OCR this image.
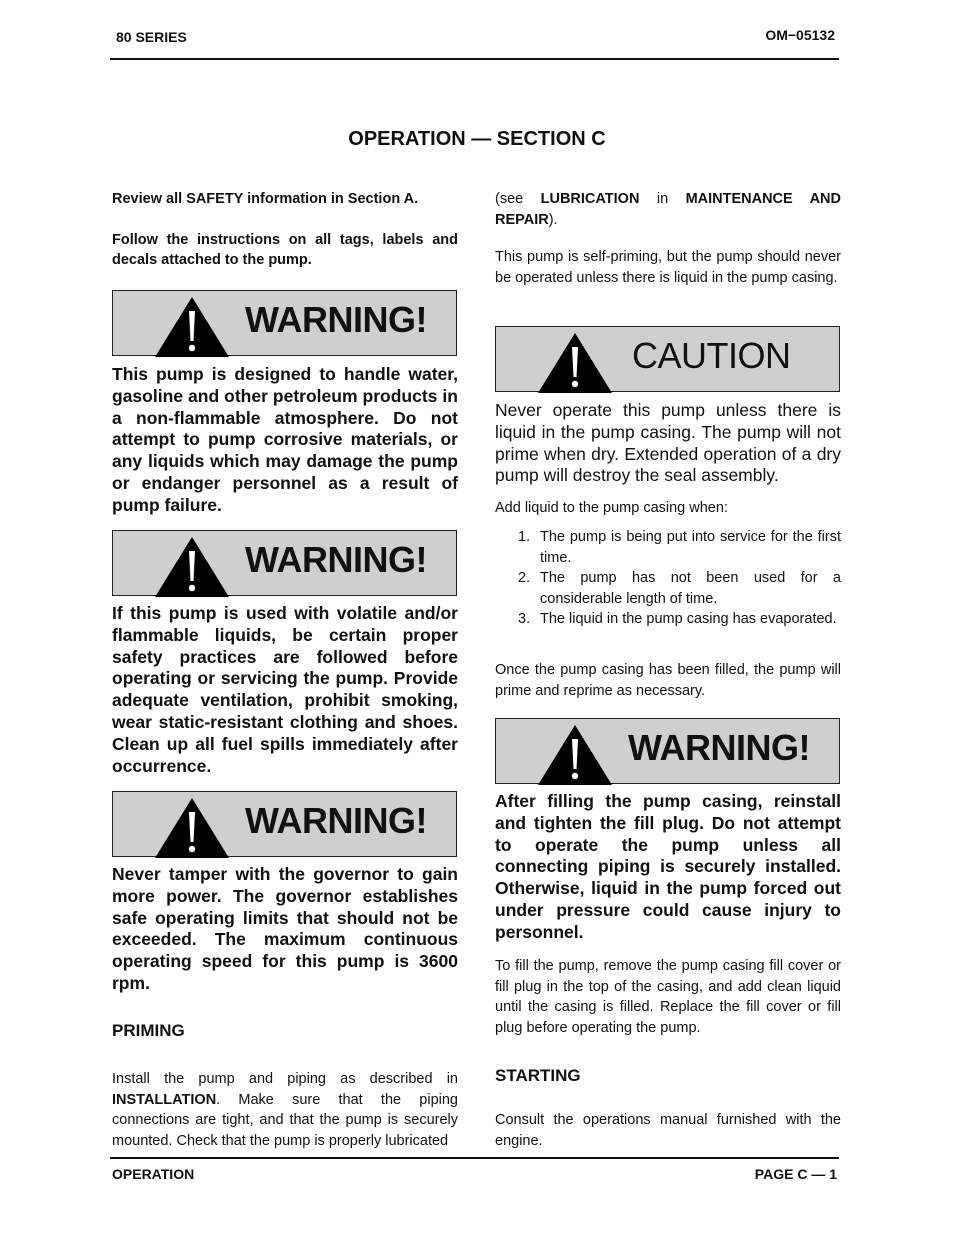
80 SERIES	OM−05132
OPERATION — SECTION C

Review all SAFETY information in Section A.

Follow the instructions on all tags, labels and decals attached to the pump.

WARNING!

This pump is designed to handle water, gasoline and other petroleum products in a non-flammable atmosphere. Do not attempt to pump corrosive materials, or any liquids which may damage the pump or endanger personnel as a result of pump failure.

WARNING!

If this pump is used with volatile and/or flammable liquids, be certain proper safety practices are followed before operating or servicing the pump. Provide adequate ventilation, prohibit smoking, wear static-resistant clothing and shoes. Clean up all fuel spills immediately after occurrence.

WARNING!

Never tamper with the governor to gain more power. The governor establishes safe operating limits that should not be exceeded. The maximum continuous operating speed for this pump is 3600 rpm.

PRIMING

Install the pump and piping as described in INSTALLATION. Make sure that the piping connections are tight, and that the pump is securely mounted. Check that the pump is properly lubricated

(see LUBRICATION in MAINTENANCE AND REPAIR).

This pump is self-priming, but the pump should never be operated unless there is liquid in the pump casing.

CAUTION

Never operate this pump unless there is liquid in the pump casing. The pump will not prime when dry. Extended operation of a dry pump will destroy the seal assembly.

Add liquid to the pump casing when:

1. The pump is being put into service for the first time.
2. The pump has not been used for a considerable length of time.
3. The liquid in the pump casing has evaporated.

Once the pump casing has been filled, the pump will prime and reprime as necessary.

WARNING!

After filling the pump casing, reinstall and tighten the fill plug. Do not attempt to operate the pump unless all connecting piping is securely installed. Otherwise, liquid in the pump forced out under pressure could cause injury to personnel.

To fill the pump, remove the pump casing fill cover or fill plug in the top of the casing, and add clean liquid until the casing is filled. Replace the fill cover or fill plug before operating the pump.

STARTING

Consult the operations manual furnished with the engine.

OPERATION	PAGE C — 1
